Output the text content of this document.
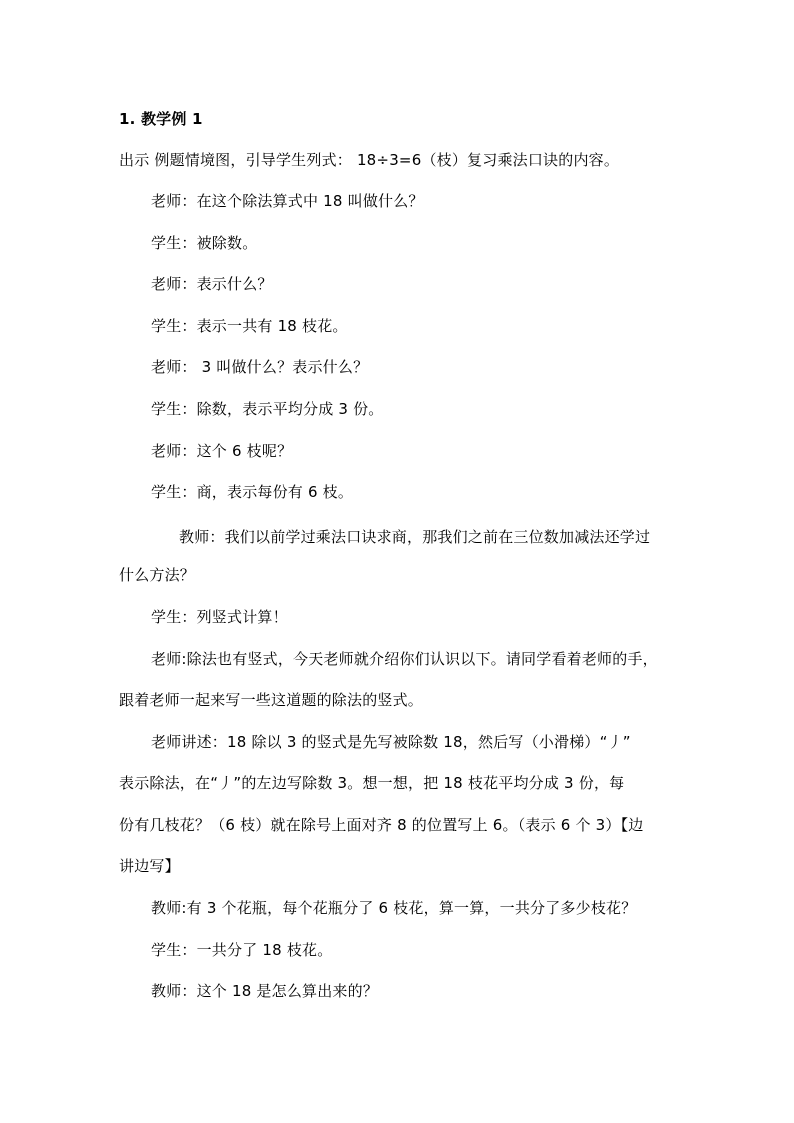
1. 教学例 1
出示 例题情境图，引导学生列式： 18÷3=6（枝）复习乘法口诀的内容。
老师：在这个除法算式中 18 叫做什么？
学生：被除数。
老师：表示什么？
学生：表示一共有 18 枝花。
老师： 3 叫做什么？表示什么？
学生：除数，表示平均分成 3 份。
老师：这个 6 枝呢？
学生：商，表示每份有 6 枝。
教师：我们以前学过乘法口诀求商，那我们之前在三位数加减法还学过
什么方法？
学生：列竖式计算！
老师:除法也有竖式，今天老师就介绍你们认识以下。请同学看着老师的手，
跟着老师一起来写一些这道题的除法的竖式。
老师讲述：18 除以 3 的竖式是先写被除数 18，然后写（小滑梯）“丿”
表示除法，在“丿”的左边写除数 3。想一想，把 18 枝花平均分成 3 份，每
份有几枝花？（6 枝）就在除号上面对齐 8 的位置写上 6。（表示 6 个 3）【边
讲边写】
教师:有 3 个花瓶，每个花瓶分了 6 枝花，算一算，一共分了多少枝花？
学生：一共分了 18 枝花。
教师：这个 18 是怎么算出来的？
